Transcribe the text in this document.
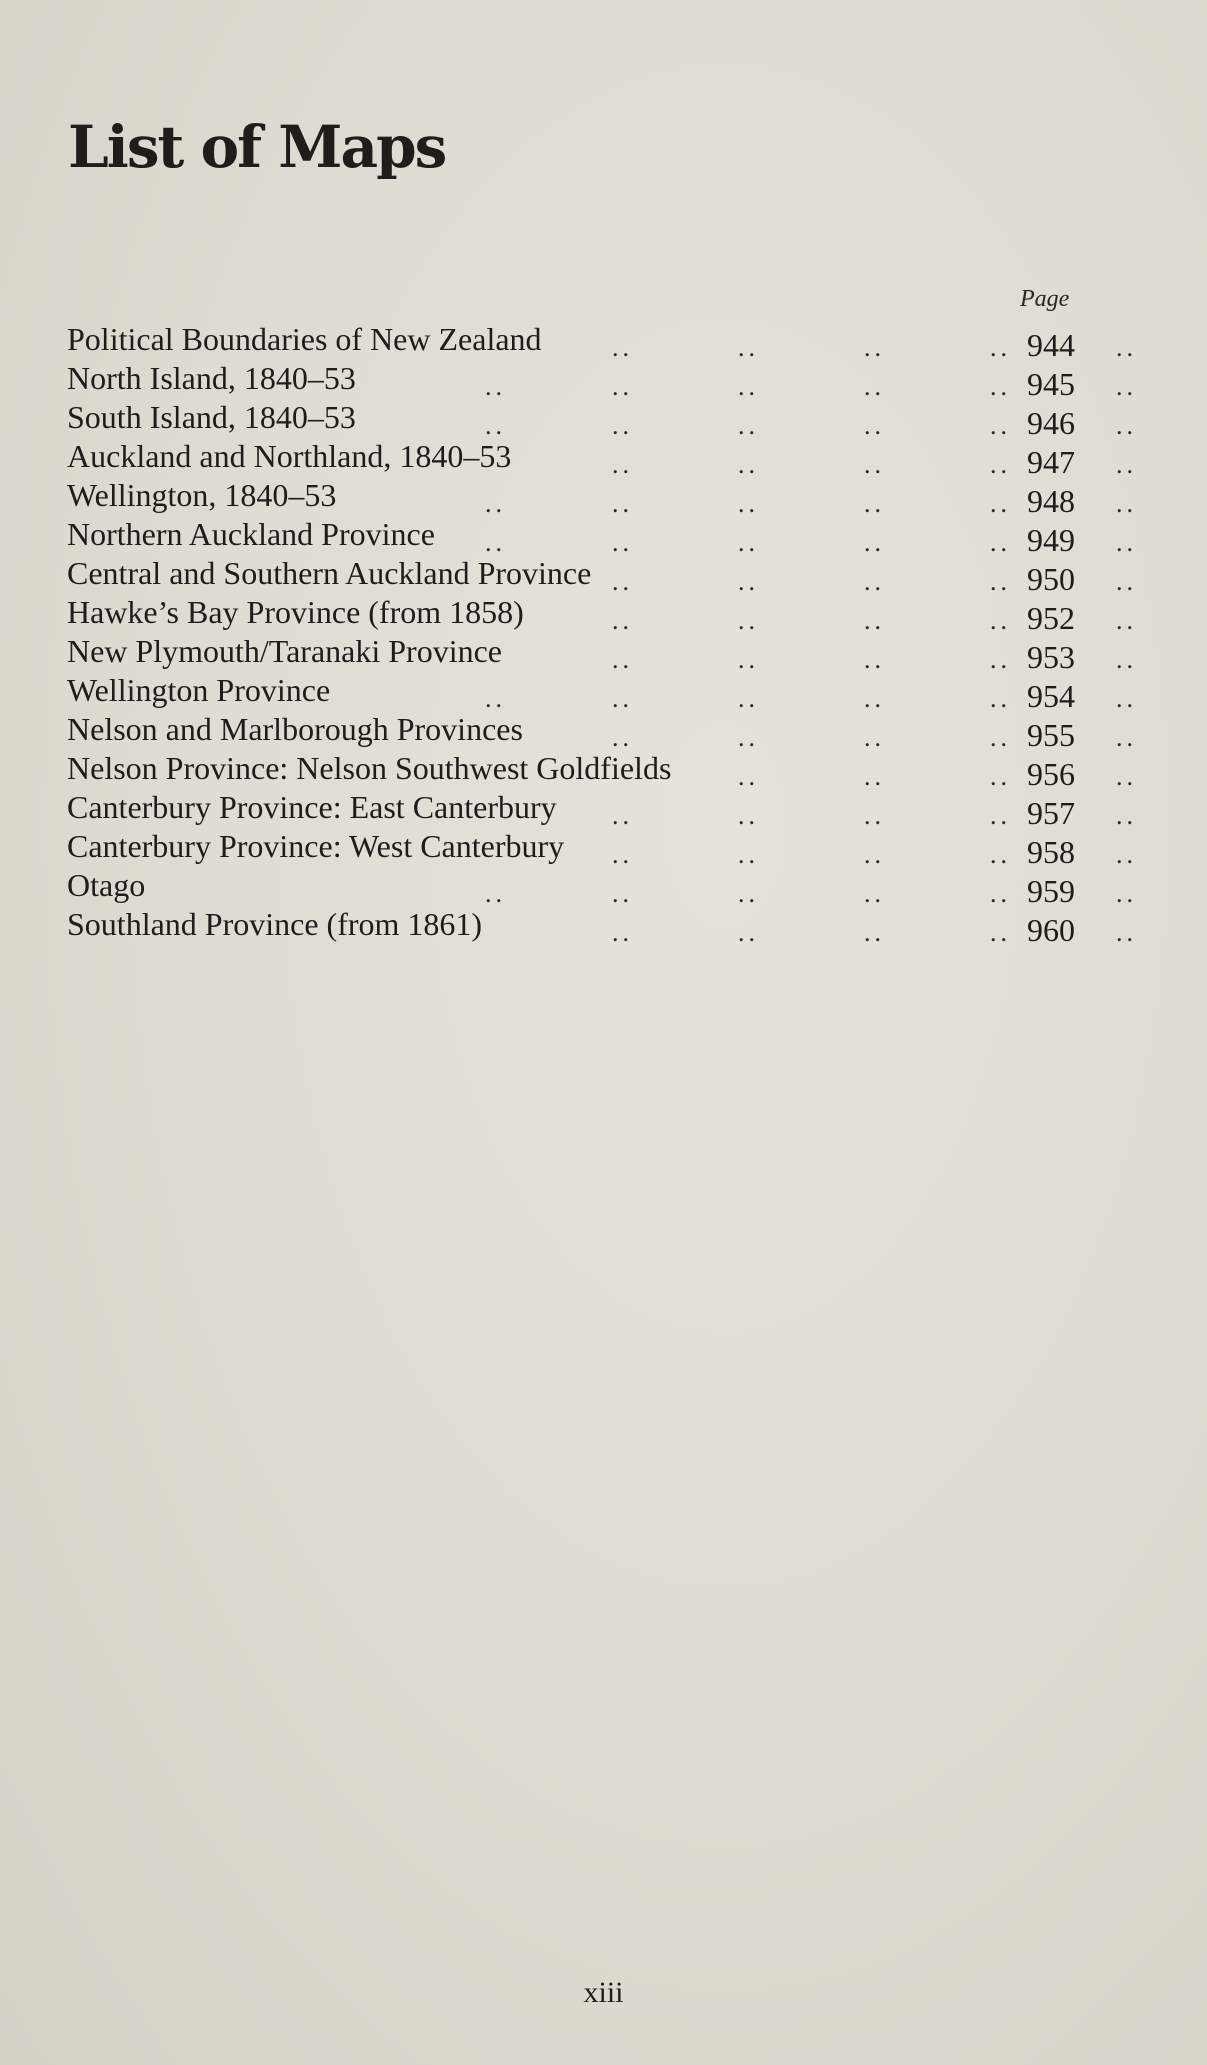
List of Maps
Page
..	..	..	..	..
Political Boundaries of New Zealand	944
..	..	..	..	..	..
North Island, 1840–53	945
..	..	..	..	..	..
South Island, 1840–53	946
..	..	..	..	..
Auckland and Northland, 1840–53	947
..	..	..	..	..	..
Wellington, 1840–53	948
..	..	..	..	..	..
Northern Auckland Province	949
..	..	..	..	..
Central and Southern Auckland Province	950
..	..	..	..	..
Hawke’s Bay Province (from 1858)	952
..	..	..	..	..
New Plymouth/Taranaki Province	953
..	..	..	..	..	..
Wellington Province	954
..	..	..	..	..
Nelson and Marlborough Provinces	955
..	..	..	..
Nelson Province: Nelson Southwest Goldfields	956
..	..	..	..	..
Canterbury Province: East Canterbury	957
..	..	..	..	..
Canterbury Province: West Canterbury	958
..	..	..	..	..	..
Otago	959
..	..	..	..	..
Southland Province (from 1861)	960
xiii
